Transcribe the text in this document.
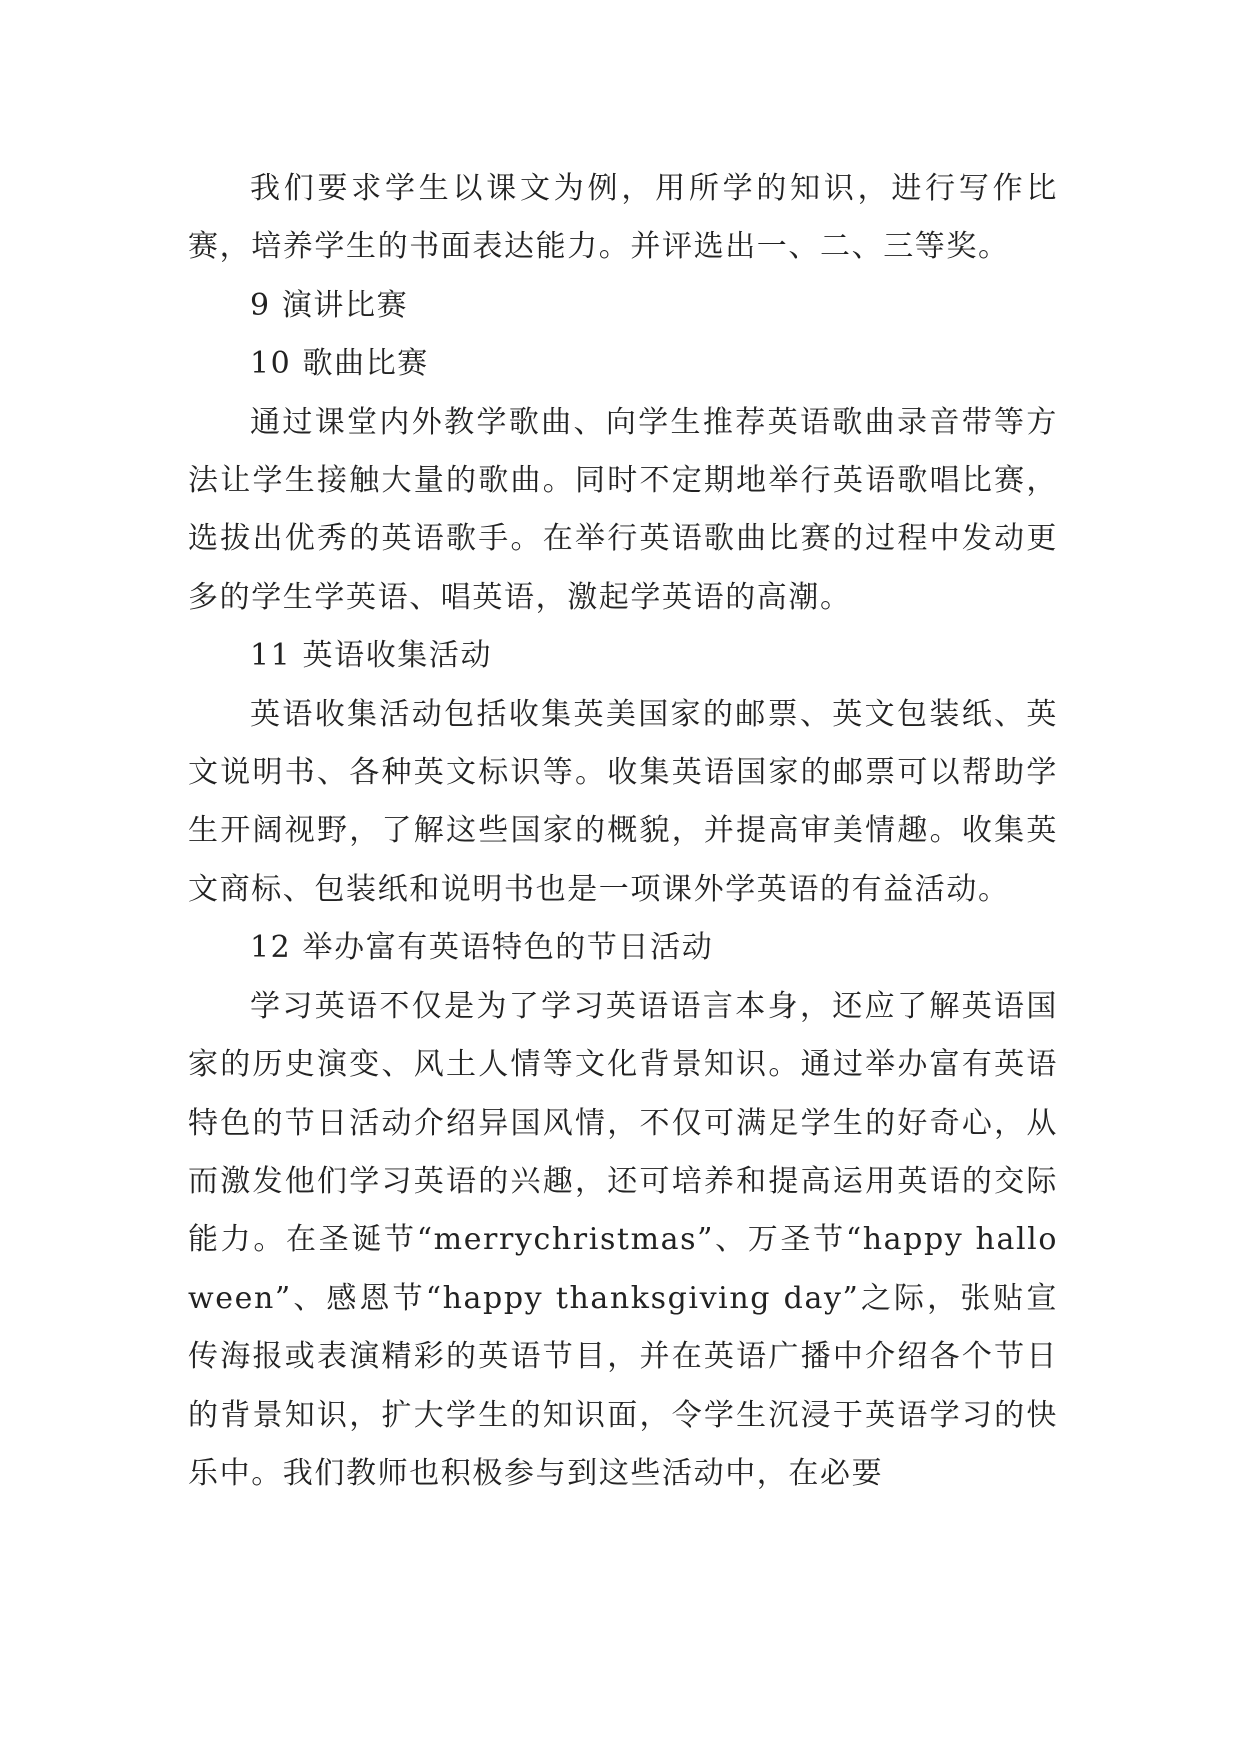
我们要求学生以课文为例，用所学的知识，进行写作比赛，培养学生的书面表达能力。并评选出一、二、三等奖。

9 演讲比赛

10 歌曲比赛

通过课堂内外教学歌曲、向学生推荐英语歌曲录音带等方法让学生接触大量的歌曲。同时不定期地举行英语歌唱比赛，选拔出优秀的英语歌手。在举行英语歌曲比赛的过程中发动更多的学生学英语、唱英语，激起学英语的高潮。

11 英语收集活动

英语收集活动包括收集英美国家的邮票、英文包装纸、英文说明书、各种英文标识等。收集英语国家的邮票可以帮助学生开阔视野，了解这些国家的概貌，并提高审美情趣。收集英文商标、包装纸和说明书也是一项课外学英语的有益活动。

12 举办富有英语特色的节日活动

学习英语不仅是为了学习英语语言本身，还应了解英语国家的历史演变、风土人情等文化背景知识。通过举办富有英语特色的节日活动介绍异国风情，不仅可满足学生的好奇心，从而激发他们学习英语的兴趣，还可培养和提高运用英语的交际能力。在圣诞节“merrychristmas”、万圣节“happy halloween”、感恩节“happy thanksgiving day”之际，张贴宣传海报或表演精彩的英语节目，并在英语广播中介绍各个节日的背景知识，扩大学生的知识面，令学生沉浸于英语学习的快乐中。我们教师也积极参与到这些活动中，在必要
